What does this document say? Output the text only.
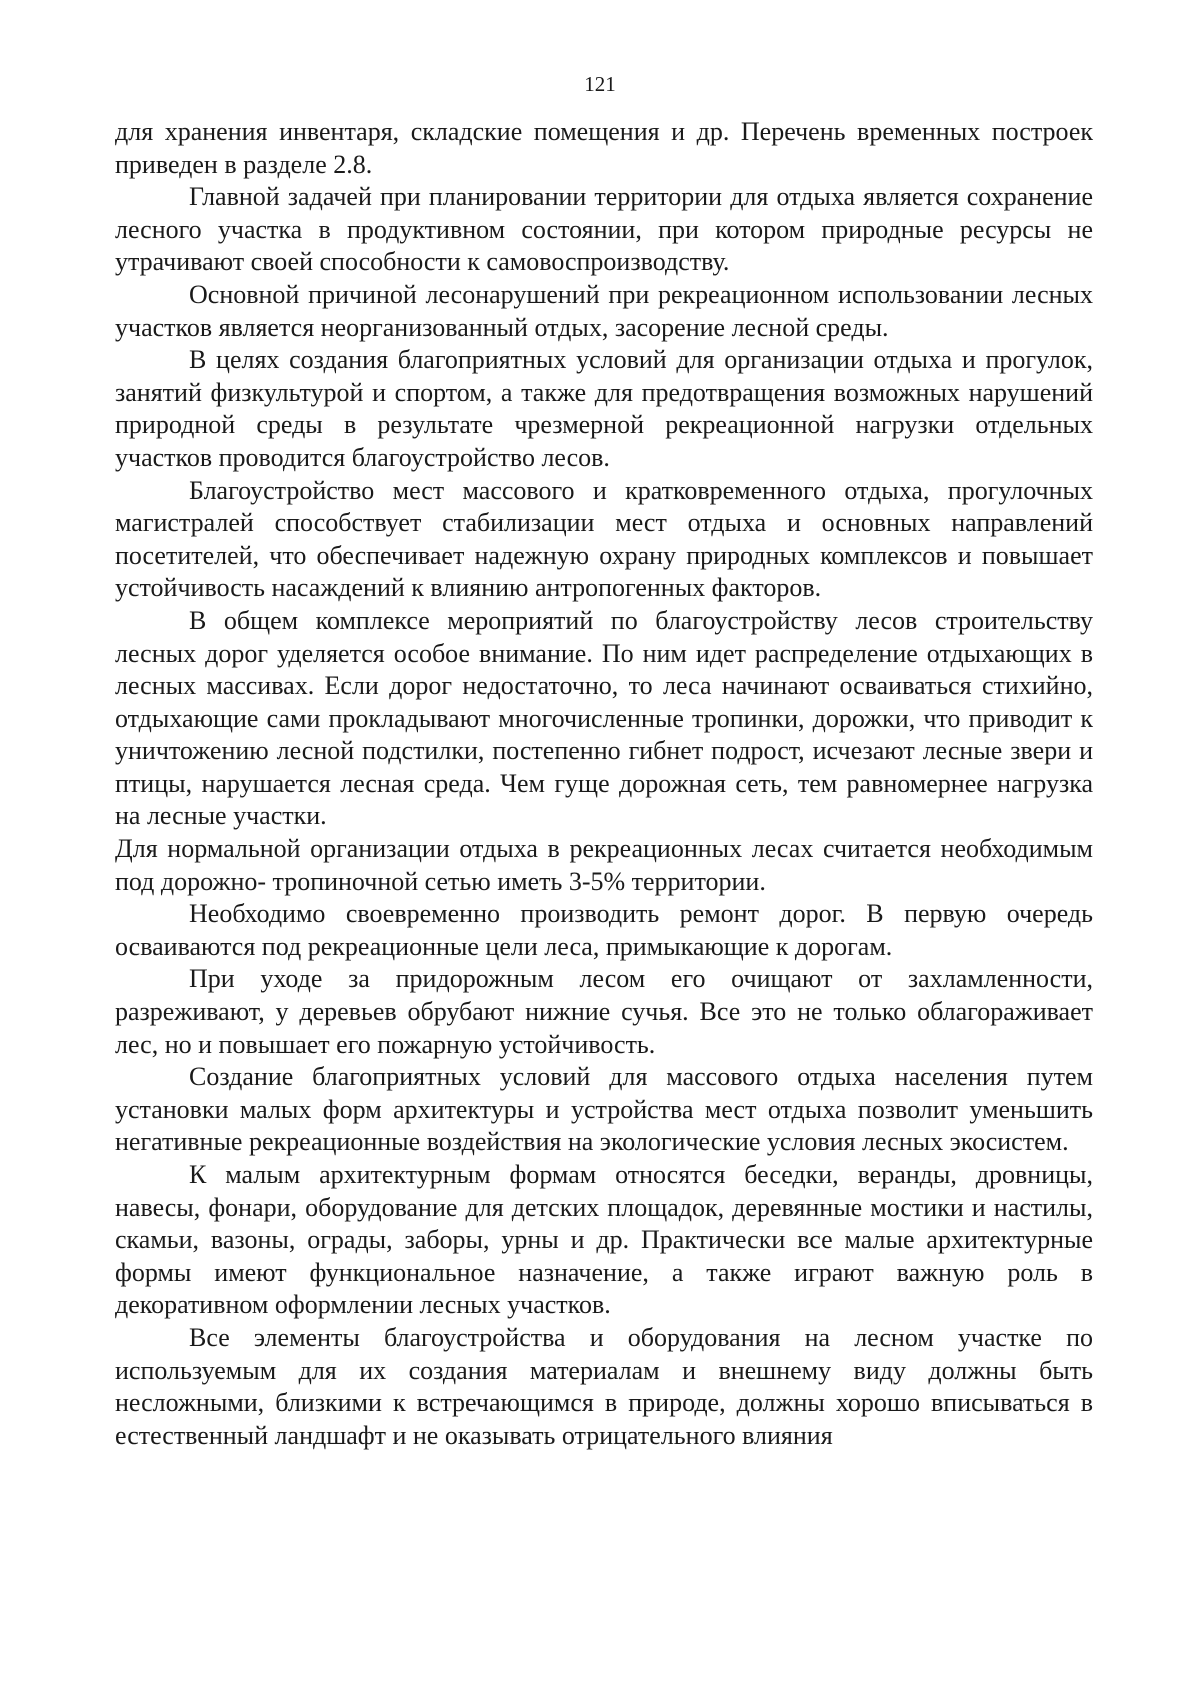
121

для хранения инвентаря, складские помещения и др. Перечень временных построек приведен в разделе 2.8.

Главной задачей при планировании территории для отдыха является сохранение лесного участка в продуктивном состоянии, при котором природные ресурсы не утрачивают своей способности к самовоспроизводству.

Основной причиной лесонарушений при рекреационном использовании лесных участков является неорганизованный отдых, засорение лесной среды.

В целях создания благоприятных условий для организации отдыха и прогулок, занятий физкультурой и спортом, а также для предотвращения возможных нарушений природной среды в результате чрезмерной рекреационной нагрузки отдельных участков проводится благоустройство лесов.

Благоустройство мест массового и кратковременного отдыха, прогулочных магистралей способствует стабилизации мест отдыха и основных направлений посетителей, что обеспечивает надежную охрану природных комплексов и повышает устойчивость насаждений к влиянию антропогенных факторов.

В общем комплексе мероприятий по благоустройству лесов строительству лесных дорог уделяется особое внимание. По ним идет распределение отдыхающих в лесных массивах. Если дорог недостаточно, то леса начинают осваиваться стихийно, отдыхающие сами прокладывают многочисленные тропинки, дорожки, что приводит к уничтожению лесной подстилки, постепенно гибнет подрост, исчезают лесные звери и птицы, нарушается лесная среда. Чем гуще дорожная сеть, тем равномернее нагрузка на лесные участки.

Для нормальной организации отдыха в рекреационных лесах считается необходимым под дорожно- тропиночной сетью иметь 3-5% территории.

Необходимо своевременно производить ремонт дорог. В первую очередь осваиваются под рекреационные цели леса, примыкающие к дорогам.

При уходе за придорожным лесом его очищают от захламленности, разреживают, у деревьев обрубают нижние сучья. Все это не только облагораживает лес, но и повышает его пожарную устойчивость.

Создание благоприятных условий для массового отдыха населения путем установки малых форм архитектуры и устройства мест отдыха позволит уменьшить негативные рекреационные воздействия на экологические условия лесных экосистем.

К малым архитектурным формам относятся беседки, веранды, дровницы, навесы, фонари, оборудование для детских площадок, деревянные мостики и настилы, скамьи, вазоны, ограды, заборы, урны и др. Практически все малые архитектурные формы имеют функциональное назначение, а также играют важную роль в декоративном оформлении лесных участков.

Все элементы благоустройства и оборудования на лесном участке по используемым для их создания материалам и внешнему виду должны быть несложными, близкими к встречающимся в природе, должны хорошо вписываться в естественный ландшафт и не оказывать отрицательного влияния
